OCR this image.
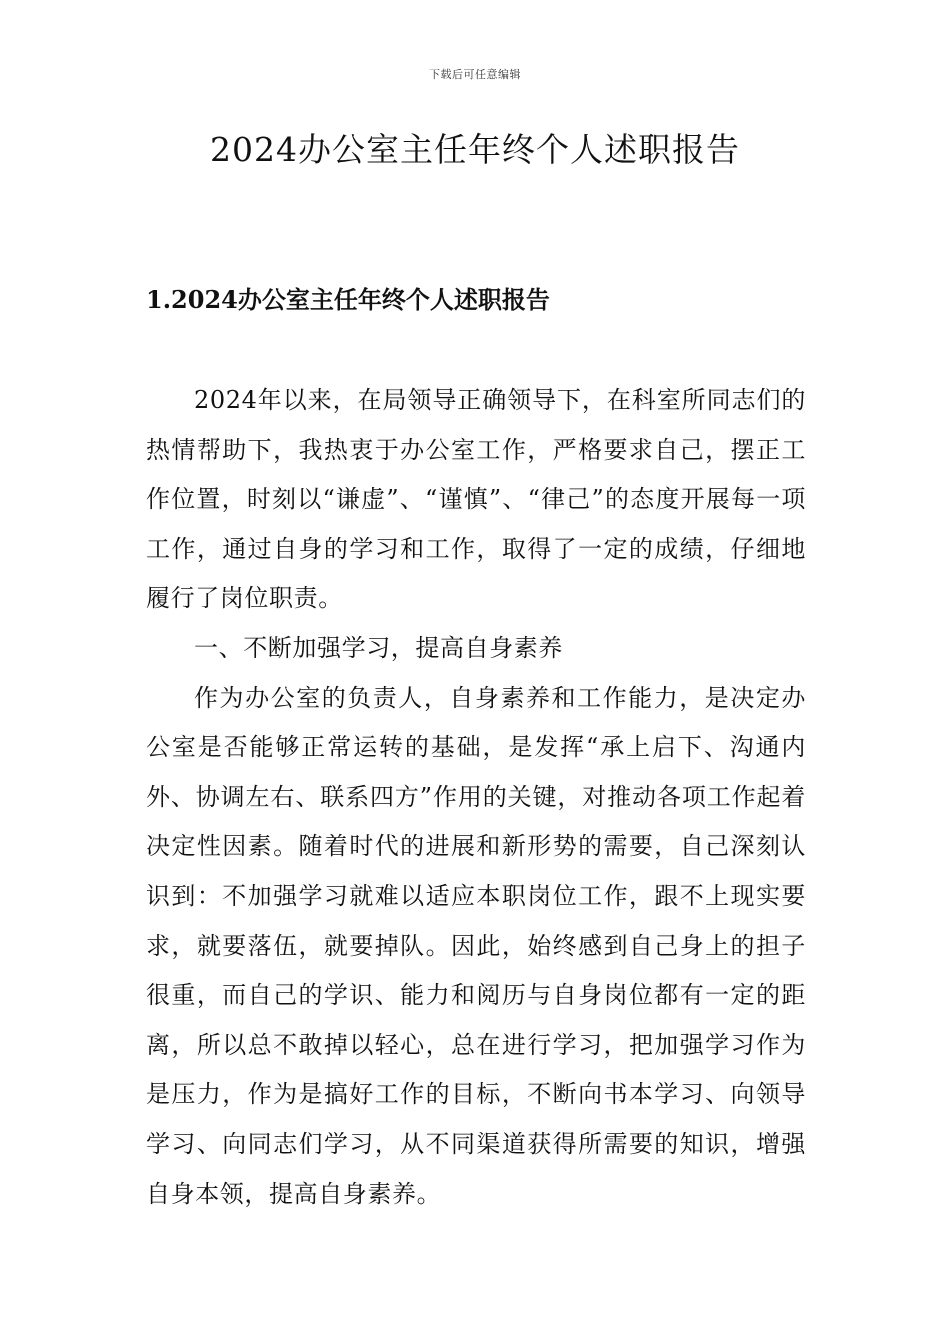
下载后可任意编辑
2024办公室主任年终个人述职报告
1.2024办公室主任年终个人述职报告

2024年以来，在局领导正确领导下，在科室所同志们的热情帮助下，我热衷于办公室工作，严格要求自己，摆正工作位置，时刻以“谦虚”、“谨慎”、“律己”的态度开展每一项工作，通过自身的学习和工作，取得了一定的成绩，仔细地履行了岗位职责。

一、不断加强学习，提高自身素养

作为办公室的负责人，自身素养和工作能力，是决定办公室是否能够正常运转的基础，是发挥“承上启下、沟通内外、协调左右、联系四方”作用的关键，对推动各项工作起着决定性因素。随着时代的进展和新形势的需要，自己深刻认识到：不加强学习就难以适应本职岗位工作，跟不上现实要求，就要落伍，就要掉队。因此，始终感到自己身上的担子很重，而自己的学识、能力和阅历与自身岗位都有一定的距离，所以总不敢掉以轻心，总在进行学习，把加强学习作为是压力，作为是搞好工作的目标，不断向书本学习、向领导学习、向同志们学习，从不同渠道获得所需要的知识，增强自身本领，提高自身素养。
